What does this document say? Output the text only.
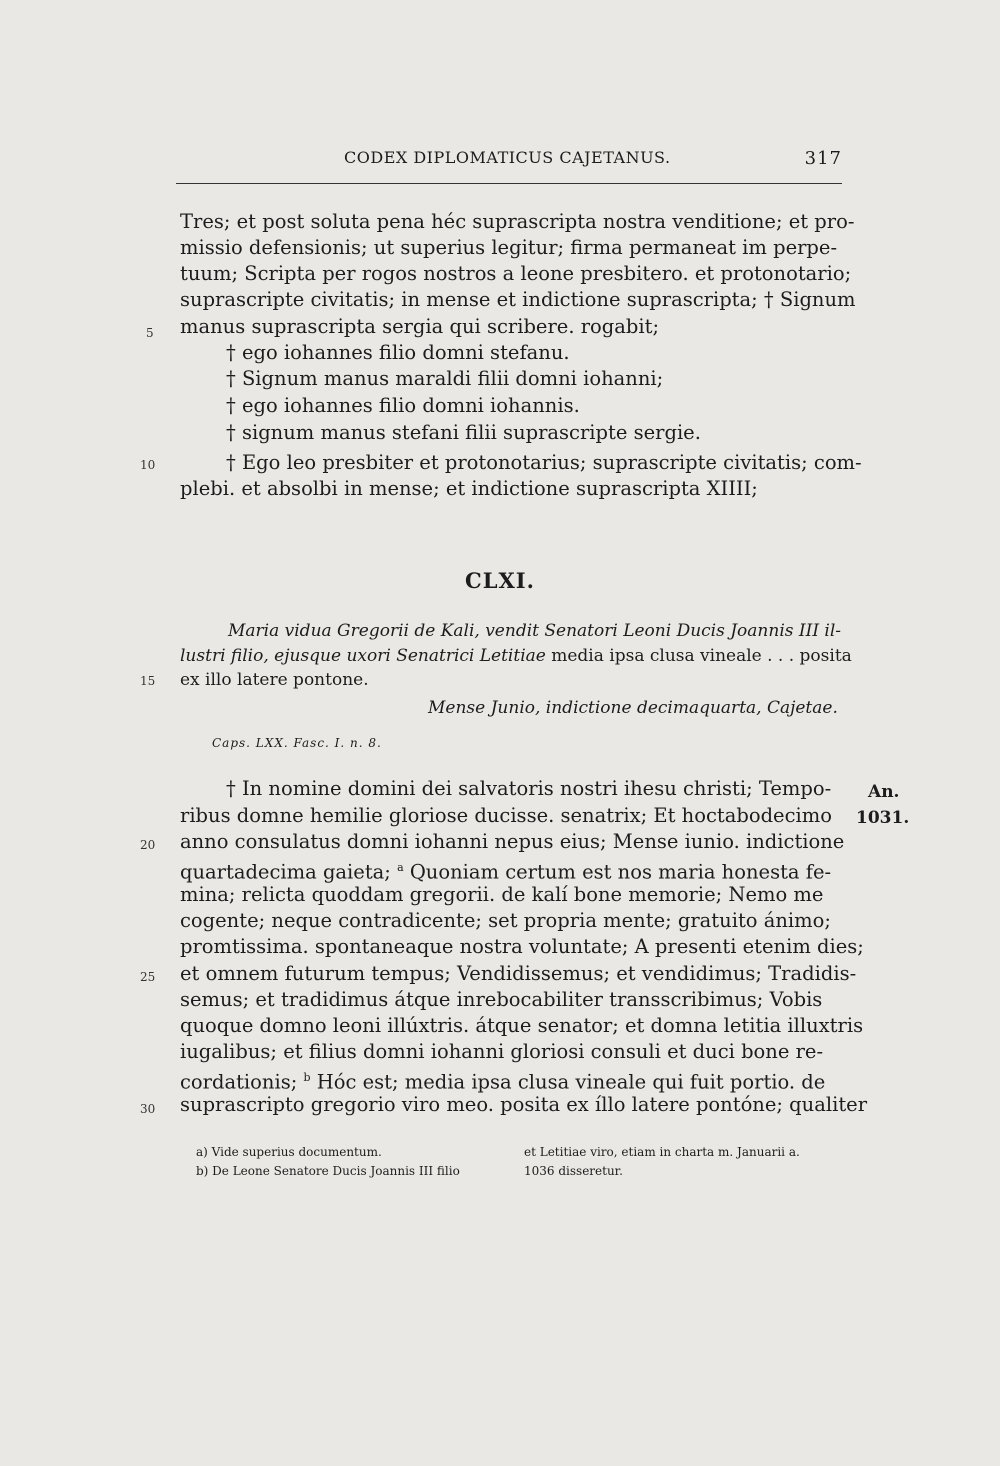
CODEX DIPLOMATICUS CAJETANUS.	317
Tres; et post soluta pena héc suprascripta nostra venditione; et pro-
missio defensionis; ut superius legitur; firma permaneat im perpe-
tuum; Scripta per rogos nostros a leone presbitero. et protonotario;
suprascripte civitatis; in mense et indictione suprascripta; † Signum
manus suprascripta sergia qui scribere. rogabit;
† ego iohannes filio domni stefanu.
† Signum manus maraldi filii domni iohanni;
† ego iohannes filio domni iohannis.
† signum manus stefani filii suprascripte sergie.
† Ego leo presbiter et protonotarius; suprascripte civitatis; com-
plebi. et absolbi in mense; et indictione suprascripta XIIII;
5
10
CLXI.
Maria vidua Gregorii de Kali, vendit Senatori Leoni Ducis Joannis III il-
lustri filio, ejusque uxori Senatrici Letitiae media ipsa clusa vineale . . . posita
ex illo latere pontone.
15
Mense Junio, indictione decimaquarta, Cajetae.
Caps. LXX. Fasc. I. n. 8.
An.
1031.
† In nomine domini dei salvatoris nostri ihesu christi; Tempo-
ribus domne hemilie gloriose ducisse. senatrix; Et hoctabodecimo
anno consulatus domni iohanni nepus eius; Mense iunio. indictione
20
quartadecima gaieta; $^a$ Quoniam certum est nos maria honesta fe-
mina; relicta quoddam gregorii. de kalí bone memorie; Nemo me
cogente; neque contradicente; set propria mente; gratuito ánimo;
promtissima. spontaneaque nostra voluntate; A presenti etenim dies;
et omnem futurum tempus; Vendidissemus; et vendidimus; Tradidis-
25
semus; et tradidimus átque inrebocabiliter transscribimus; Vobis
quoque domno leoni illúxtris. átque senator; et domna letitia illuxtris
iugalibus; et filius domni iohanni gloriosi consuli et duci bone re-
cordationis; $^b$ Hóc est; media ipsa clusa vineale qui fuit portio. de
suprascripto gregorio viro meo. posita ex íllo latere pontóne; qualiter
30
a) Vide superius documentum.
b) De Leone Senatore Ducis Joannis III filio
et Letitiae viro, etiam in charta m. Januarii a.
1036 disseretur.
